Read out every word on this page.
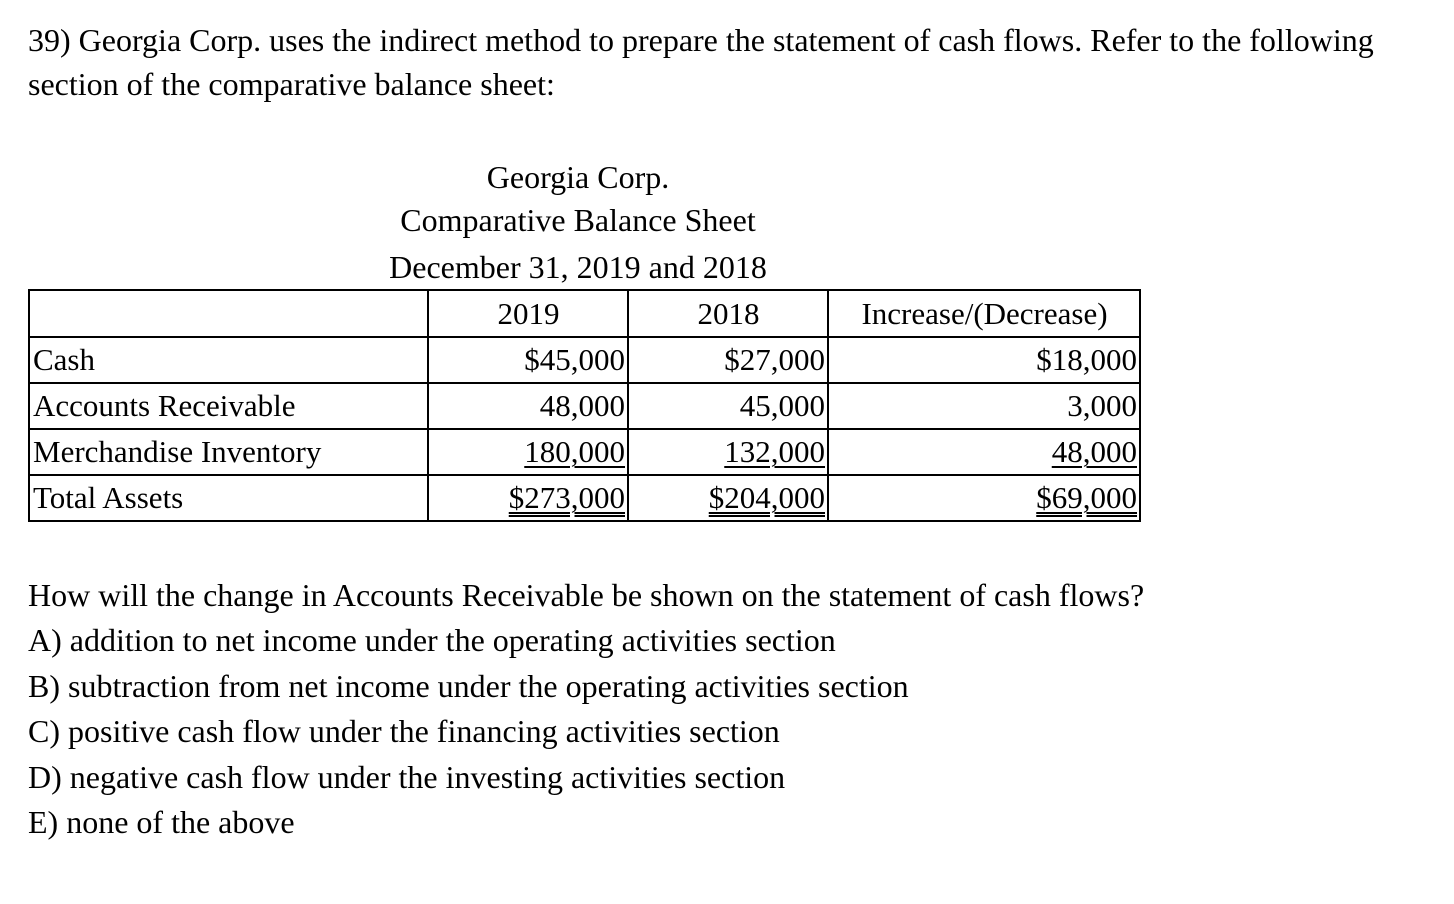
39) Georgia Corp. uses the indirect method to prepare the statement of cash flows. Refer to the following section of the comparative balance sheet:
Georgia Corp.
Comparative Balance Sheet
December 31, 2019 and 2018
	2019	2018	Increase/(Decrease)
Cash	$45,000	$27,000	$18,000
Accounts Receivable	48,000	45,000	3,000
Merchandise Inventory	180,000	132,000	48,000
Total Assets	$273,000	$204,000	$69,000
How will the change in Accounts Receivable be shown on the statement of cash flows?
A) addition to net income under the operating activities section
B) subtraction from net income under the operating activities section
C) positive cash flow under the financing activities section
D) negative cash flow under the investing activities section
E) none of the above
